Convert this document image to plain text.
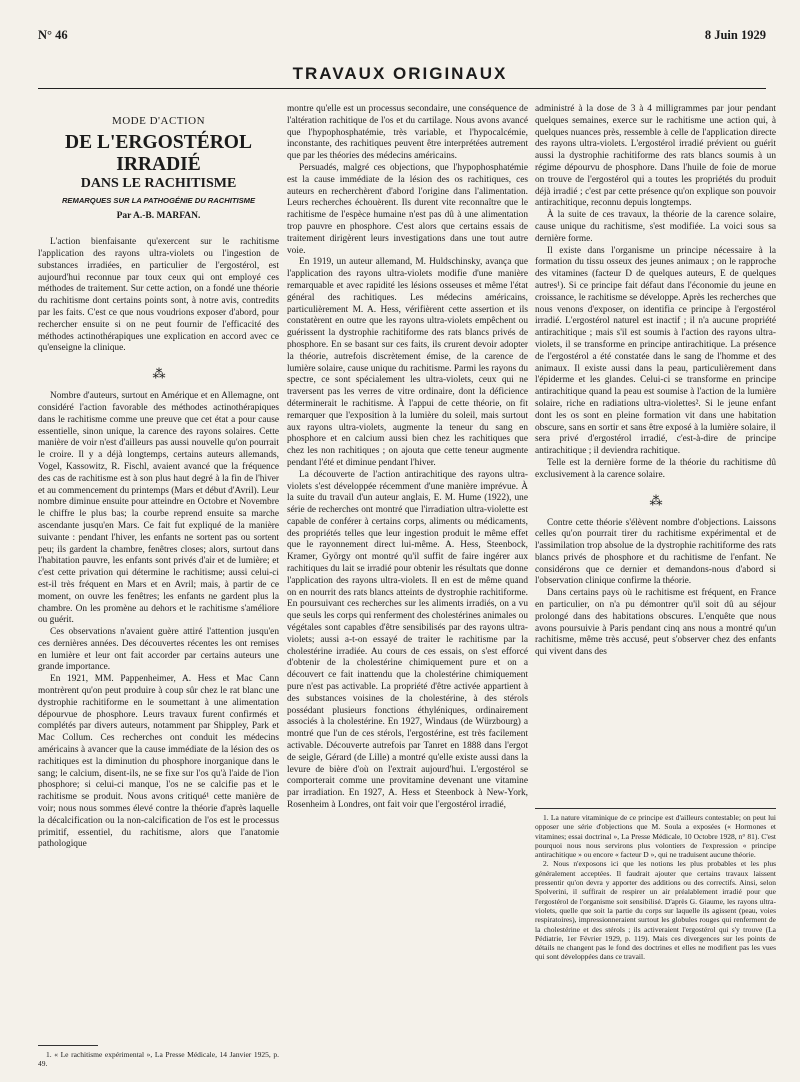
N° 46	8 Juin 1929
TRAVAUX ORIGINAUX
MODE D'ACTION
DE L'ERGOSTÉROL IRRADIÉ
DANS LE RACHITISME
REMARQUES SUR LA PATHOGÉNIE DU RACHITISME
Par A.-B. MARFAN.

L'action bienfaisante qu'exercent sur le rachitisme l'application des rayons ultra-violets ou l'ingestion de substances irradiées, en particulier de l'ergostérol, est aujourd'hui reconnue par toux ceux qui ont employé ces méthodes de traitement. Sur cette action, on a fondé une théorie du rachitisme dont certains points sont, à notre avis, contredits par les faits. C'est ce que nous voudrions exposer d'abord, pour rechercher ensuite si on ne peut fournir de l'efficacité des méthodes actinothérapiques une explication en accord avec ce qu'enseigne la clinique.

⁂

Nombre d'auteurs, surtout en Amérique et en Allemagne, ont considéré l'action favorable des méthodes actinothérapiques dans le rachitisme comme une preuve que cet état a pour cause essentielle, sinon unique, la carence des rayons solaires. Cette manière de voir n'est d'ailleurs pas aussi nouvelle qu'on pourrait le croire. Il y a déjà longtemps, certains auteurs allemands, Vogel, Kassowitz, R. Fischl, avaient avancé que la fréquence des cas de rachitisme est à son plus haut degré à la fin de l'hiver et au commencement du printemps (Mars et début d'Avril). Leur nombre diminue ensuite pour atteindre en Octobre et Novembre le chiffre le plus bas; la courbe reprend ensuite sa marche ascendante jusqu'en Mars. Ce fait fut expliqué de la manière suivante : pendant l'hiver, les enfants ne sortent pas ou sortent peu; ils gardent la chambre, fenêtres closes; alors, surtout dans l'habitation pauvre, les enfants sont privés d'air et de lumière; et c'est cette privation qui détermine le rachitisme; aussi celui-ci est-il très fréquent en Mars et en Avril; mais, à partir de ce moment, on ouvre les fenêtres; les enfants ne gardent plus la chambre. On les promène au dehors et le rachitisme s'améliore ou guérit.

Ces observations n'avaient guère attiré l'attention jusqu'en ces dernières années. Des découvertes récentes les ont remises en lumière et leur ont fait accorder par certains auteurs une grande importance.

En 1921, MM. Pappenheimer, A. Hess et Mac Cann montrèrent qu'on peut produire à coup sûr chez le rat blanc une dystrophie rachitiforme en le soumettant à une alimentation dépourvue de phosphore. Leurs travaux furent confirmés et complétés par divers auteurs, notamment par Shippley, Park et Mac Collum. Ces recherches ont conduit les médecins américains à avancer que la cause immédiate de la lésion des os rachitiques est la diminution du phosphore inorganique dans le sang; le calcium, disent-ils, ne se fixe sur l'os qu'à l'aide de l'ion phosphore; si celui-ci manque, l'os ne se calcifie pas et le rachitisme se produit. Nous avons critiqué¹ cette manière de voir; nous nous sommes élevé contre la théorie d'après laquelle la décalcification ou la non-calcification de l'os est le processus primitif, essentiel, du rachitisme, alors que l'anatomie pathologique

1. « Le rachitisme expérimental », La Presse Médicale, 14 Janvier 1925, p. 49.

montre qu'elle est un processus secondaire, une conséquence de l'altération rachitique de l'os et du cartilage. Nous avons avancé que l'hypophosphatémie, très variable, et l'hypocalcémie, inconstante, des rachitiques peuvent être interprétées autrement que par les théories des médecins américains.

Persuadés, malgré ces objections, que l'hypophosphatémie est la cause immédiate de la lésion des os rachitiques, ces auteurs en recherchèrent d'abord l'origine dans l'alimentation. Leurs recherches échouèrent. Ils durent vite reconnaître que le rachitisme de l'espèce humaine n'est pas dû à une alimentation trop pauvre en phosphore. C'est alors que certains essais de traitement dirigèrent leurs investigations dans une tout autre voie.

En 1919, un auteur allemand, M. Huldschinsky, avança que l'application des rayons ultra-violets modifie d'une manière remarquable et avec rapidité les lésions osseuses et même l'état général des rachitiques. Les médecins américains, particulièrement M. A. Hess, vérifièrent cette assertion et ils constatèrent en outre que les rayons ultra-violets empêchent ou guérissent la dystrophie rachitiforme des rats blancs privés de phosphore. En se basant sur ces faits, ils crurent devoir adopter la théorie, autrefois discrètement émise, de la carence de lumière solaire, cause unique du rachitisme. Parmi les rayons du spectre, ce sont spécialement les ultra-violets, ceux qui ne traversent pas les verres de vitre ordinaire, dont la déficience déterminerait le rachitisme. À l'appui de cette théorie, on fit remarquer que l'exposition à la lumière du soleil, mais surtout aux rayons ultra-violets, augmente la teneur du sang en phosphore et en calcium aussi bien chez les rachitiques que chez les non rachitiques ; on ajouta que cette teneur augmente pendant l'été et diminue pendant l'hiver.

La découverte de l'action antirachitique des rayons ultra-violets s'est développée récemment d'une manière imprévue. À la suite du travail d'un auteur anglais, E. M. Hume (1922), une série de recherches ont montré que l'irradiation ultra-violette est capable de conférer à certains corps, aliments ou médicaments, des propriétés telles que leur ingestion produit le même effet que le rayonnement direct lui-même. A. Hess, Steenbock, Kramer, György ont montré qu'il suffit de faire ingérer aux rachitiques du lait se irradié pour obtenir les résultats que donne l'application des rayons ultra-violets. Il en est de même quand on en nourrit des rats blancs atteints de dystrophie rachitiforme. En poursuivant ces recherches sur les aliments irradiés, on a vu que seuls les corps qui renferment des cholestérines animales ou végétales sont capables d'être sensibilisés par des rayons ultra-violets; aussi a-t-on essayé de traiter le rachitisme par la cholestérine irradiée. Au cours de ces essais, on s'est efforcé d'obtenir de la cholestérine chimiquement pure et on a découvert ce fait inattendu que la cholestérine chimiquement pure n'est pas activable. La propriété d'être activée appartient à des substances voisines de la cholestérine, à des stérols possédant plusieurs fonctions éthyléniques, ordinairement associés à la cholestérine. En 1927, Windaus (de Würzbourg) a montré que l'un de ces stérols, l'ergostérine, est très facilement activable. Découverte autrefois par Tanret en 1888 dans l'ergot de seigle, Gérard (de Lille) a montré qu'elle existe aussi dans la levure de bière d'où on l'extrait aujourd'hui. L'ergostérol se comporterait comme une provitamine devenant une vitamine par irradiation. En 1927, A. Hess et Steenbock à New-York, Rosenheim à Londres, ont fait voir que l'ergostérol irradié,

administré à la dose de 3 à 4 milligrammes par jour pendant quelques semaines, exerce sur le rachitisme une action qui, à quelques nuances près, ressemble à celle de l'application directe des rayons ultra-violets. L'ergostérol irradié prévient ou guérit aussi la dystrophie rachitiforme des rats blancs soumis à un régime dépourvu de phosphore. Dans l'huile de foie de morue on trouve de l'ergostérol qui a toutes les propriétés du produit déjà irradié ; c'est par cette présence qu'on explique son pouvoir antirachitique, reconnu depuis longtemps.

À la suite de ces travaux, la théorie de la carence solaire, cause unique du rachitisme, s'est modifiée. La voici sous sa dernière forme.

Il existe dans l'organisme un principe nécessaire à la formation du tissu osseux des jeunes animaux ; on le rapproche des vitamines (facteur D de quelques auteurs, E de quelques autres¹). Si ce principe fait défaut dans l'économie du jeune en croissance, le rachitisme se développe. Après les recherches que nous venons d'exposer, on identifia ce principe à l'ergostérol irradié. L'ergostérol naturel est inactif ; il n'a aucune propriété antirachitique ; mais s'il est soumis à l'action des rayons ultra-violets, il se transforme en principe antirachitique. La présence de l'ergostérol a été constatée dans le sang de l'homme et des animaux. Il existe aussi dans la peau, particulièrement dans l'épiderme et les glandes. Celui-ci se transforme en principe antirachitique quand la peau est soumise à l'action de la lumière solaire, riche en radiations ultra-violettes². Si le jeune enfant dont les os sont en pleine formation vit dans une habitation obscure, sans en sortir et sans être exposé à la lumière solaire, il sera privé d'ergostérol irradié, c'est-à-dire de principe antirachitique ; il deviendra rachitique.

Telle est la dernière forme de la théorie du rachitisme dû exclusivement à la carence solaire.

⁂

Contre cette théorie s'élèvent nombre d'objections. Laissons celles qu'on pourrait tirer du rachitisme expérimental et de l'assimilation trop absolue de la dystrophie rachitiforme des rats blancs privés de phosphore et du rachitisme de l'enfant. Ne considérons que ce dernier et demandons-nous d'abord si l'observation clinique confirme la théorie.

Dans certains pays où le rachitisme est fréquent, en France en particulier, on n'a pu démontrer qu'il soit dû au séjour prolongé dans des habitations obscures. L'enquête que nous avons poursuivie à Paris pendant cinq ans nous a montré qu'un rachitisme, même très accusé, peut s'observer chez des enfants qui vivent dans des

1. La nature vitaminique de ce principe est d'ailleurs contestable; on peut lui opposer une série d'objections que M. Soula a exposées (« Hormones et vitamines; essai doctrinal », La Presse Médicale, 10 Octobre 1928, n° 81). C'est pourquoi nous nous servirons plus volontiers de l'expression « principe antirachitique » ou encore « facteur D », qui ne traduisent aucune théorie.

2. Nous n'exposons ici que les notions les plus probables et les plus généralement acceptées. Il faudrait ajouter que certains travaux laissent pressentir qu'on devra y apporter des additions ou des correctifs. Ainsi, selon Spolverini, il suffirait de respirer un air préalablement irradié pour que l'ergostérol de l'organisme soit sensibilisé. D'après G. Giaume, les rayons ultra-violets, quelle que soit la partie du corps sur laquelle ils agissent (peau, voies respiratoires), impressionneraient surtout les globules rouges qui renferment de la cholestérine et des stérols ; ils activeraient l'ergostérol qui s'y trouve (La Pédiatrie, 1er Février 1929, p. 119). Mais ces divergences sur les points de détails ne changent pas le fond des doctrines et elles ne modifient pas les vues qui sont développées dans ce travail.
